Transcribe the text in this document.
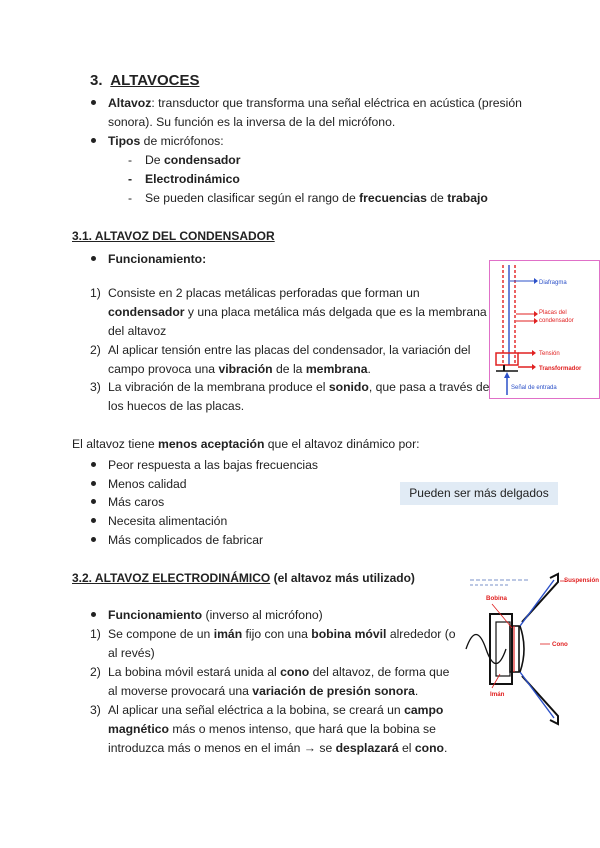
3. ALTAVOCES
Altavoz: transductor que transforma una señal eléctrica en acústica (presión
sonora). Su función es la inversa de la del micrófono.
Tipos de micrófonos:
- De condensador
- Electrodinámico
- Se pueden clasificar según el rango de frecuencias de trabajo
3.1. ALTAVOZ DEL CONDENSADOR
Funcionamiento:
1) Consiste en 2 placas metálicas perforadas que forman un
condensador y una placa metálica más delgada que es la membrana
del altavoz
2) Al aplicar tensión entre las placas del condensador, la variación del
campo provoca una vibración de la membrana.
3) La vibración de la membrana produce el sonido, que pasa a través de
los huecos de las placas.
Diafragma
Placas del
condensador
Tensión
Transformador
Señal de entrada
El altavoz tiene menos aceptación que el altavoz dinámico por:
Peor respuesta a las bajas frecuencias
Menos calidad
Más caros
Necesita alimentación
Más complicados de fabricar
Pueden ser más delgados
3.2. ALTAVOZ ELECTRODINÁMICO (el altavoz más utilizado)
Funcionamiento (inverso al micrófono)
1) Se compone de un imán fijo con una bobina móvil alrededor (o
al revés)
2) La bobina móvil estará unida al cono del altavoz, de forma que
al moverse provocará una variación de presión sonora.
3) Al aplicar una señal eléctrica a la bobina, se creará un campo
magnético más o menos intenso, que hará que la bobina se
introduzca más o menos en el imán → se desplazará el cono.
Suspensión
Bobina
Cono
Imán
